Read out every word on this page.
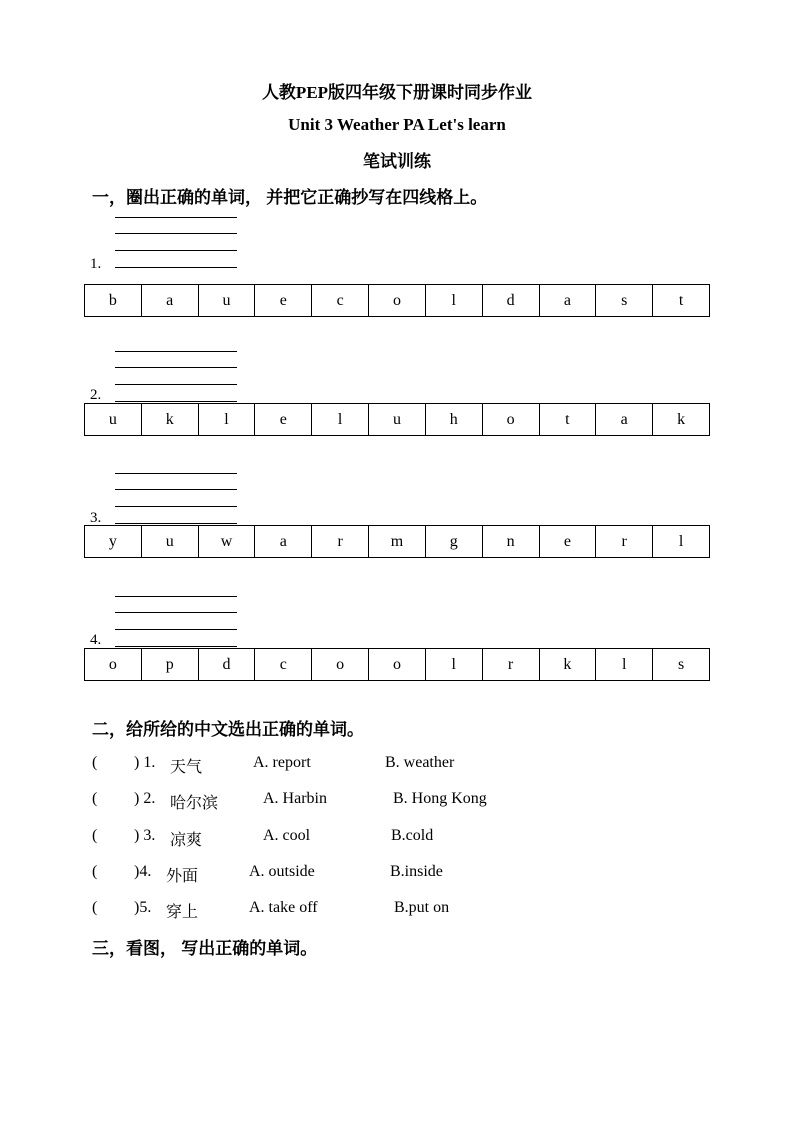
人教PEP版四年级下册课时同步作业
Unit 3 Weather PA Let's learn
笔试训练
一，圈出正确的单词， 并把它正确抄写在四线格上。
1.
b	a	u	e	c	o	l	d	a	s	t
2.
u	k	l	e	l	u	h	o	t	a	k
3.
y	u	w	a	r	m	g	n	e	r	l
4.
o	p	d	c	o	o	l	r	k	l	s
二，给所给的中文选出正确的单词。
( ) 1. 天气	A. report	B. weather
( ) 2. 哈尔滨	A. Harbin	B. Hong Kong
( ) 3. 凉爽	A. cool	B.cold
( )4. 外面	A. outside	B.inside
( )5. 穿上	A. take off	B.put on
三，看图， 写出正确的单词。
